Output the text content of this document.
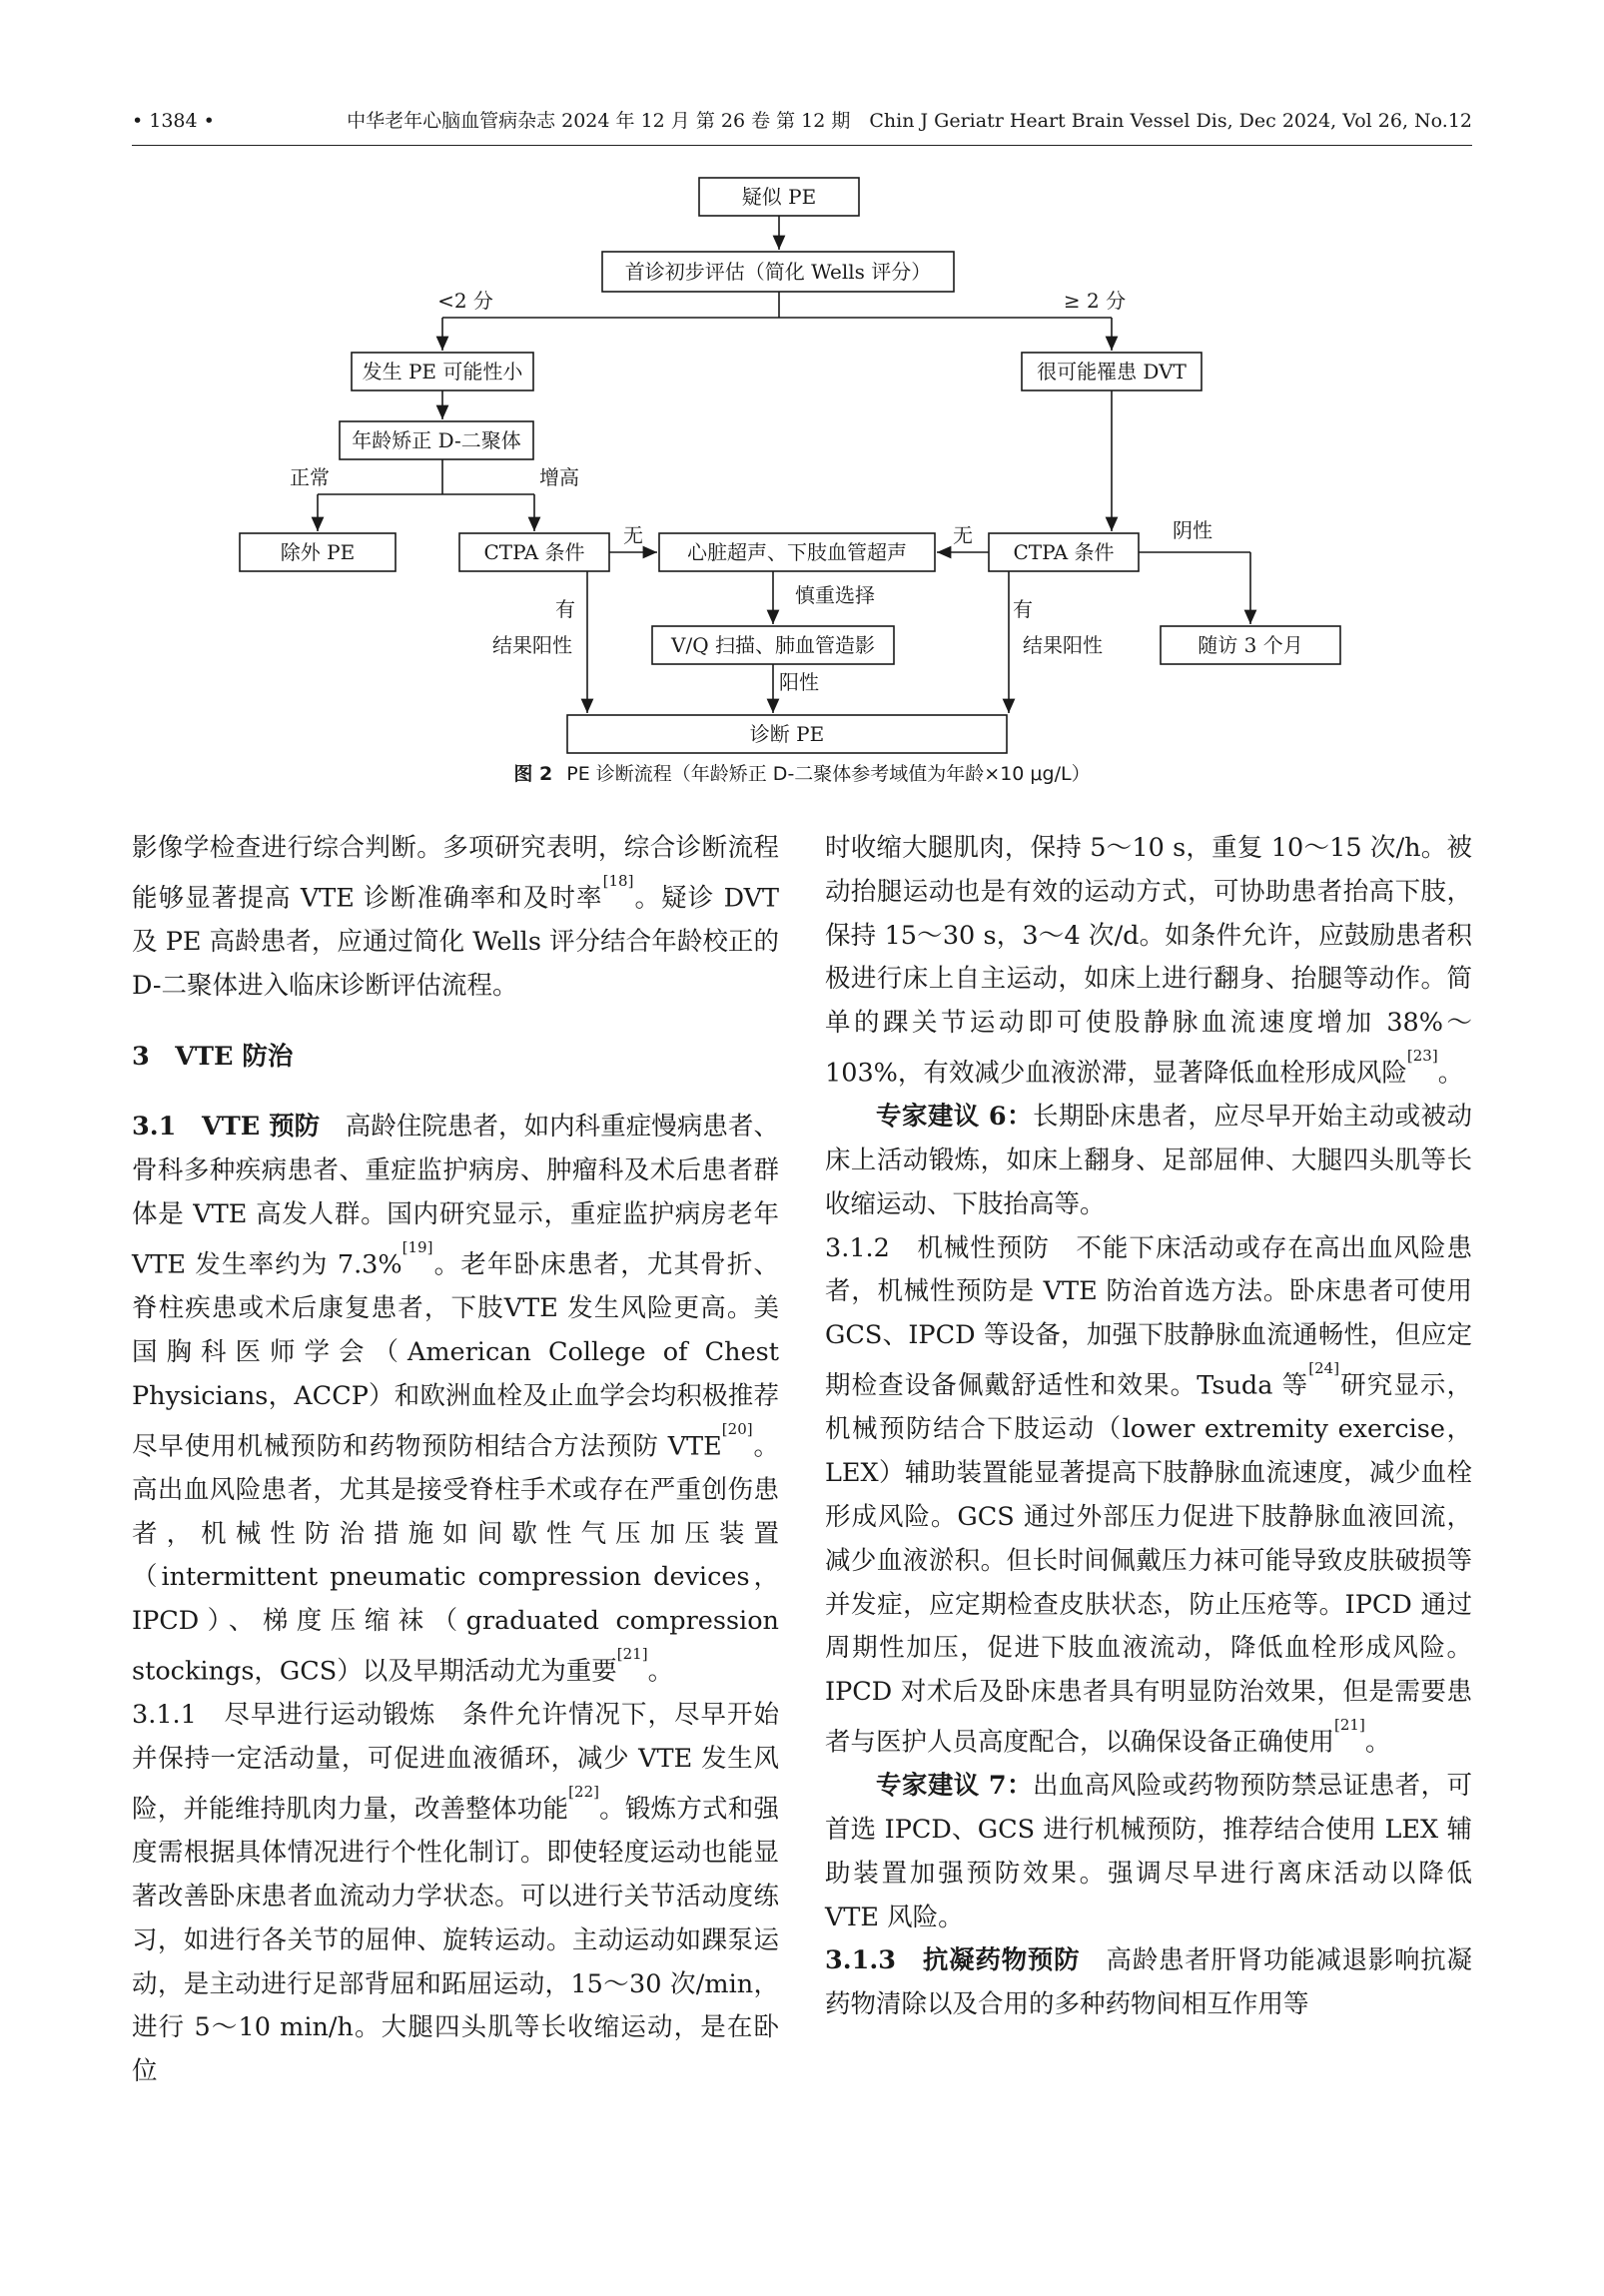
• 1384 •	中华老年心脑血管病杂志 2024 年 12 月 第 26 卷 第 12 期　Chin J Geriatr Heart Brain Vessel Dis, Dec 2024, Vol 26, No.12
疑似 PE
首诊初步评估（简化 Wells 评分）
发生 PE 可能性小	很可能罹患 DVT
年龄矫正 D-二聚体
除外 PE	CTPA 条件	心脏超声、下肢血管超声	CTPA 条件
随访 3 个月
V/Q 扫描、肺血管造影
诊断 PE
<2 分	≥ 2 分
正常	增高
无	无	阴性
慎重选择
有
结果阳性
有
结果阳性
阳性
图 2 PE 诊断流程（年龄矫正 D-二聚体参考域值为年龄×10 μg/L）

影像学检查进行综合判断。多项研究表明，综合诊断流程能够显著提高 VTE 诊断准确率和及时率[18]。疑诊 DVT 及 PE 高龄患者，应通过简化 Wells 评分结合年龄校正的 D-二聚体进入临床诊断评估流程。

3　VTE 防治

3.1　VTE 预防　高龄住院患者，如内科重症慢病患者、骨科多种疾病患者、重症监护病房、肿瘤科及术后患者群体是 VTE 高发人群。国内研究显示，重症监护病房老年 VTE 发生率约为 7.3%[19]。老年卧床患者，尤其骨折、脊柱疾患或术后康复患者，下肢VTE 发生风险更高。美国胸科医师学会（American College of Chest Physicians，ACCP）和欧洲血栓及止血学会均积极推荐尽早使用机械预防和药物预防相结合方法预防 VTE[20]。高出血风险患者，尤其是接受脊柱手术或存在严重创伤患者，机械性防治措施如间歇性气压加压装置（intermittent pneumatic compression devices，IPCD）、梯度压缩袜（graduated compression stockings，GCS）以及早期活动尤为重要[21]。

3.1.1　尽早进行运动锻炼　条件允许情况下，尽早开始并保持一定活动量，可促进血液循环，减少 VTE 发生风险，并能维持肌肉力量，改善整体功能[22]。锻炼方式和强度需根据具体情况进行个性化制订。即使轻度运动也能显著改善卧床患者血流动力学状态。可以进行关节活动度练习，如进行各关节的屈伸、旋转运动。主动运动如踝泵运动，是主动进行足部背屈和跖屈运动，15～30 次/min，进行 5～10 min/h。大腿四头肌等长收缩运动，是在卧位

时收缩大腿肌肉，保持 5～10 s，重复 10～15 次/h。被动抬腿运动也是有效的运动方式，可协助患者抬高下肢，保持 15～30 s，3～4 次/d。如条件允许，应鼓励患者积极进行床上自主运动，如床上进行翻身、抬腿等动作。简单的踝关节运动即可使股静脉血流速度增加 38%～103%，有效减少血液淤滞，显著降低血栓形成风险[23]。

专家建议 6：长期卧床患者，应尽早开始主动或被动床上活动锻炼，如床上翻身、足部屈伸、大腿四头肌等长收缩运动、下肢抬高等。

3.1.2　机械性预防　不能下床活动或存在高出血风险患者，机械性预防是 VTE 防治首选方法。卧床患者可使用 GCS、IPCD 等设备，加强下肢静脉血流通畅性，但应定期检查设备佩戴舒适性和效果。Tsuda 等[24]研究显示，机械预防结合下肢运动（lower extremity exercise，LEX）辅助装置能显著提高下肢静脉血流速度，减少血栓形成风险。GCS 通过外部压力促进下肢静脉血液回流，减少血液淤积。但长时间佩戴压力袜可能导致皮肤破损等并发症，应定期检查皮肤状态，防止压疮等。IPCD 通过周期性加压，促进下肢血液流动，降低血栓形成风险。IPCD 对术后及卧床患者具有明显防治效果，但是需要患者与医护人员高度配合，以确保设备正确使用[21]。

专家建议 7：出血高风险或药物预防禁忌证患者，可首选 IPCD、GCS 进行机械预防，推荐结合使用 LEX 辅助装置加强预防效果。强调尽早进行离床活动以降低 VTE 风险。

3.1.3　抗凝药物预防　高龄患者肝肾功能减退影响抗凝药物清除以及合用的多种药物间相互作用等
